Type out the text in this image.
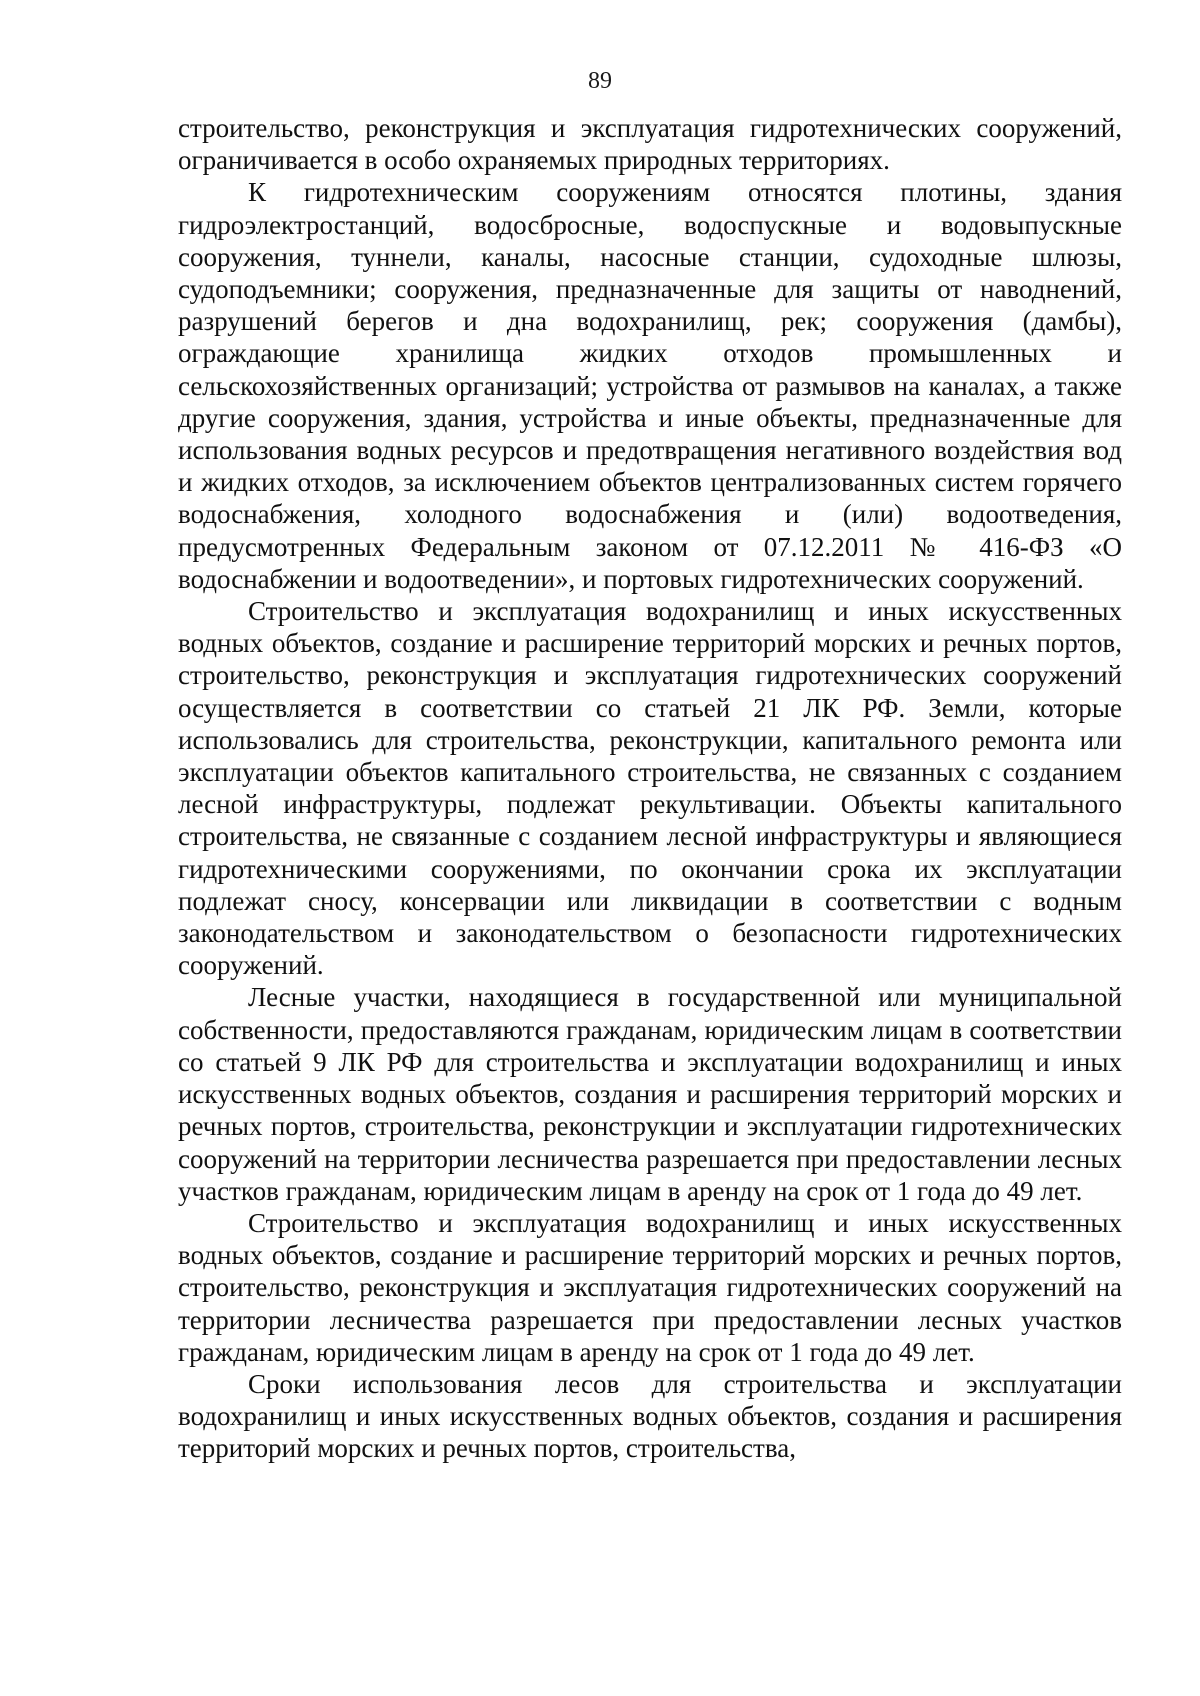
89

строительство, реконструкция и эксплуатация гидротехнических сооружений, ограничивается в особо охраняемых природных территориях.

К гидротехническим сооружениям относятся плотины, здания гидроэлектростанций, водосбросные, водоспускные и водовыпускные сооружения, туннели, каналы, насосные станции, судоходные шлюзы, судоподъемники; сооружения, предназначенные для защиты от наводнений, разрушений берегов и дна водохранилищ, рек; сооружения (дамбы), ограждающие хранилища жидких отходов промышленных и сельскохозяйственных организаций; устройства от размывов на каналах, а также другие сооружения, здания, устройства и иные объекты, предназначенные для использования водных ресурсов и предотвращения негативного воздействия вод и жидких отходов, за исключением объектов централизованных систем горячего водоснабжения, холодного водоснабжения и (или) водоотведения, предусмотренных Федеральным законом от 07.12.2011 № 416-ФЗ «О водоснабжении и водоотведении», и портовых гидротехнических сооружений.

Строительство и эксплуатация водохранилищ и иных искусственных водных объектов, создание и расширение территорий морских и речных портов, строительство, реконструкция и эксплуатация гидротехнических сооружений осуществляется в соответствии со статьей 21 ЛК РФ. Земли, которые использовались для строительства, реконструкции, капитального ремонта или эксплуатации объектов капитального строительства, не связанных с созданием лесной инфраструктуры, подлежат рекультивации. Объекты капитального строительства, не связанные с созданием лесной инфраструктуры и являющиеся гидротехническими сооружениями, по окончании срока их эксплуатации подлежат сносу, консервации или ликвидации в соответствии с водным законодательством и законодательством о безопасности гидротехнических сооружений.

Лесные участки, находящиеся в государственной или муниципальной собственности, предоставляются гражданам, юридическим лицам в соответствии со статьей 9 ЛК РФ для строительства и эксплуатации водохранилищ и иных искусственных водных объектов, создания и расширения территорий морских и речных портов, строительства, реконструкции и эксплуатации гидротехнических сооружений на территории лесничества разрешается при предоставлении лесных участков гражданам, юридическим лицам в аренду на срок от 1 года до 49 лет.

Строительство и эксплуатация водохранилищ и иных искусственных водных объектов, создание и расширение территорий морских и речных портов, строительство, реконструкция и эксплуатация гидротехнических сооружений на территории лесничества разрешается при предоставлении лесных участков гражданам, юридическим лицам в аренду на срок от 1 года до 49 лет.

Сроки использования лесов для строительства и эксплуатации водохранилищ и иных искусственных водных объектов, создания и расширения территорий морских и речных портов, строительства,
